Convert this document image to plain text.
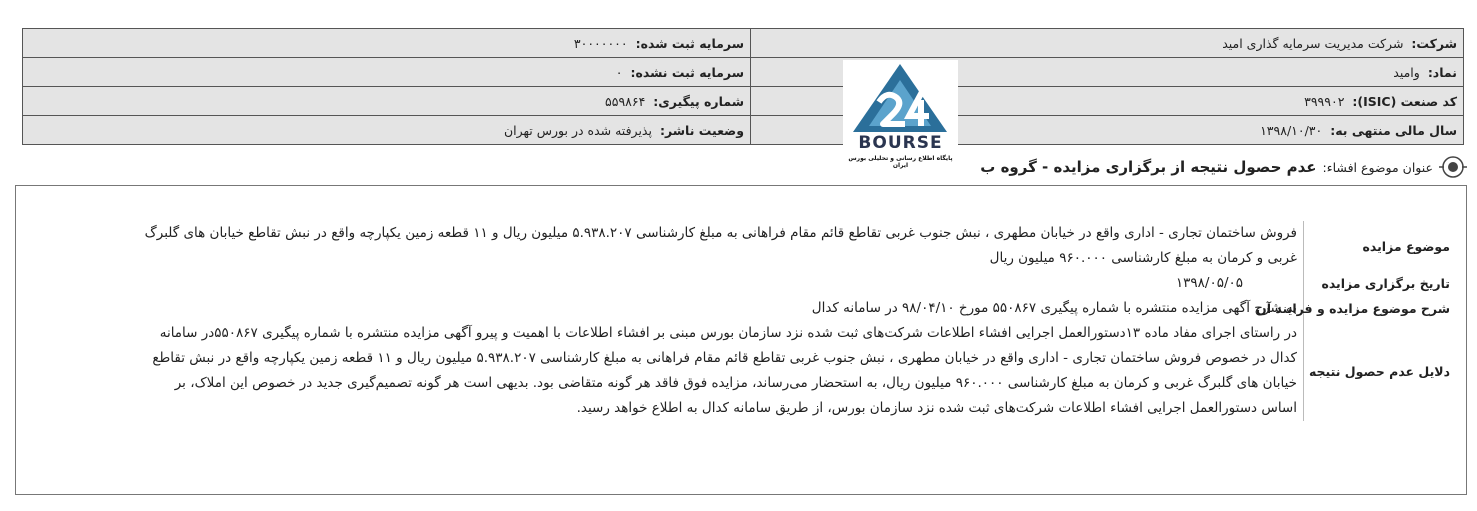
شرکت: شرکت مدیریت سرمایه گذاری امید	سرمایه ثبت شده: ۳۰۰۰۰۰۰۰
نماد: وامید	سرمایه ثبت نشده: ۰
کد صنعت (ISIC): ۳۹۹۹۰۲	شماره پیگیری: ۵۵۹۸۶۴
سال مالی منتهی به: ۱۳۹۸/۱۰/۳۰	وضعیت ناشر: پذیرفته شده در بورس تهران
BOURSE
پایگاه اطلاع رسانی و تحلیلی بورس ایران	عنوان موضوع افشاء:
عدم حصول نتیجه از برگزاری مزایده - گروه ب
موضوع مزایده	فروش ساختمان تجاری - اداری واقع در خیابان مطهری ، نبش جنوب غربی تقاطع قائم مقام فراهانی به مبلغ کارشناسی ۵.۹۳۸.۲۰۷ میلیون ریال و ۱۱ قطعه زمین یکپارچه واقع در نبش تقاطع خیابان های گلبرگ غربی و کرمان به مبلغ کارشناسی ۹۶۰.۰۰۰ میلیون ریال
تاریخ برگزاری مزایده	۱۳۹۸/۰۵/۰۵
شرح موضوع مزایده و فرایند آن	به شرح آگهی مزایده منتشره با شماره پیگیری ۵۵۰۸۶۷ مورخ ۹۸/۰۴/۱۰ در سامانه کدال
دلایل عدم حصول نتیجه	در راستای اجرای مفاد ماده ۱۳دستورالعمل اجرایی افشاء اطلاعات شرکت‌های ثبت شده نزد سازمان بورس مبنی بر افشاء اطلاعات با اهمیت و پیرو آگهی مزایده منتشره با شماره پیگیری ۵۵۰۸۶۷در سامانه کدال در خصوص فروش ساختمان تجاری - اداری واقع در خیابان مطهری ، نبش جنوب غربی تقاطع قائم مقام فراهانی به مبلغ کارشناسی ۵.۹۳۸.۲۰۷ میلیون ریال و ۱۱ قطعه زمین یکپارچه واقع در نبش تقاطع خیابان های گلبرگ غربی و کرمان به مبلغ کارشناسی ۹۶۰.۰۰۰ میلیون ریال، به استحضار می‌رساند، مزایده فوق فاقد هر گونه متقاضی بود. بدیهی است هر گونه تصمیم‌گیری جدید در خصوص این املاک، بر اساس دستورالعمل اجرایی افشاء اطلاعات شرکت‌های ثبت شده نزد سازمان بورس، از طریق سامانه کدال به اطلاع خواهد رسید.
